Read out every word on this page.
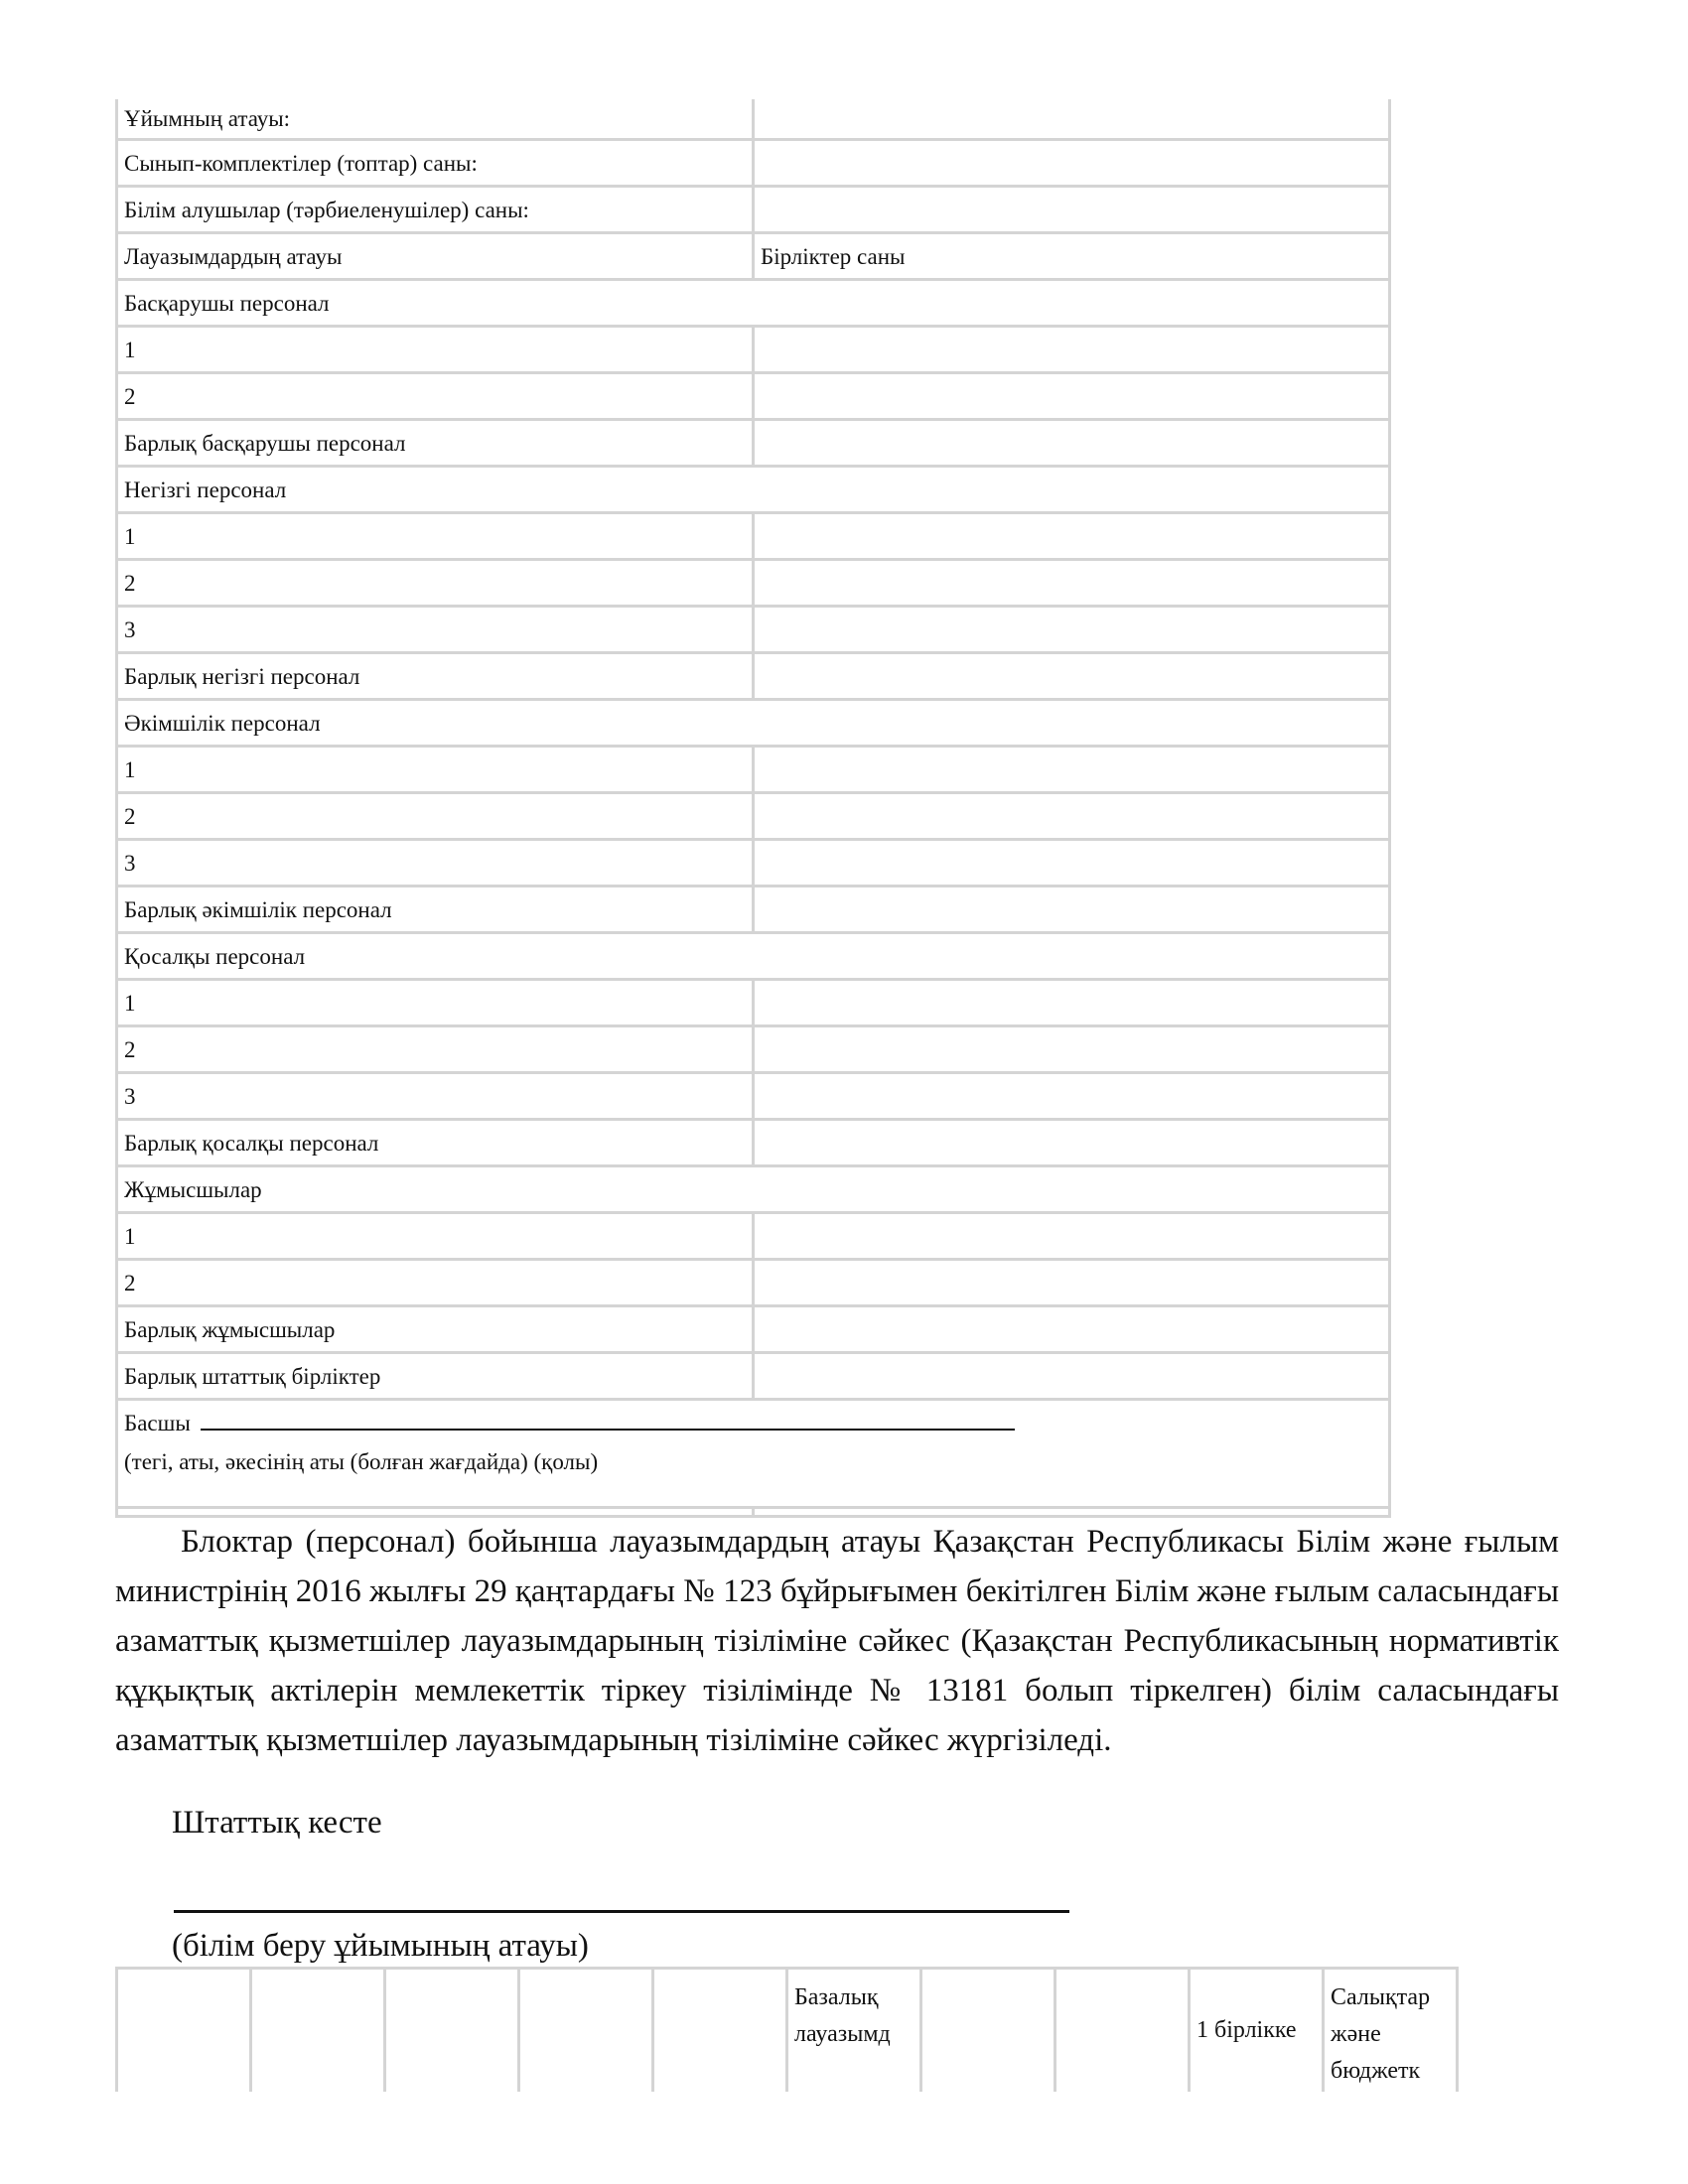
Ұйымның атауы:	
Сынып-комплектілер (топтар) саны:	
Білім алушылар (тәрбиеленушілер) саны:	
Лауазымдардың атауы	Бірліктер саны
Басқарушы персонал	
1	
2	
Барлық басқарушы персонал	
Негізгі персонал	
1	
2	
3	
Барлық негізгі персонал	
Әкімшілік персонал	
1	
2	
3	
Барлық әкімшілік персонал	
Қосалқы персонал	
1	
2	
3	
Барлық қосалқы персонал	
Жұмысшылар	
1	
2	
Барлық жұмысшылар	
Барлық штаттық бірліктер	
Басшы
(тегі, аты, әкесінің аты (болған жағдайда) (қолы)	

Блоктар (персонал) бойынша лауазымдардың атауы Қазақстан Республикасы Білім және ғылым министрінің 2016 жылғы 29 қаңтардағы № 123 бұйрығымен бекітілген Білім және ғылым саласындағы азаматтық қызметшілер лауазымдарының тізіліміне сәйкес (Қазақстан Республикасының нормативтік құқықтық актілерін мемлекеттік тіркеу тізілімінде № 13181 болып тіркелген) білім саласындағы азаматтық қызметшілер лауазымдарының тізіліміне сәйкес жүргізіледі.

Штаттық кесте
(білім беру ұйымының атауы)
					Базалық лауазымд			1 бірлікке	Салықтар және бюджетк
